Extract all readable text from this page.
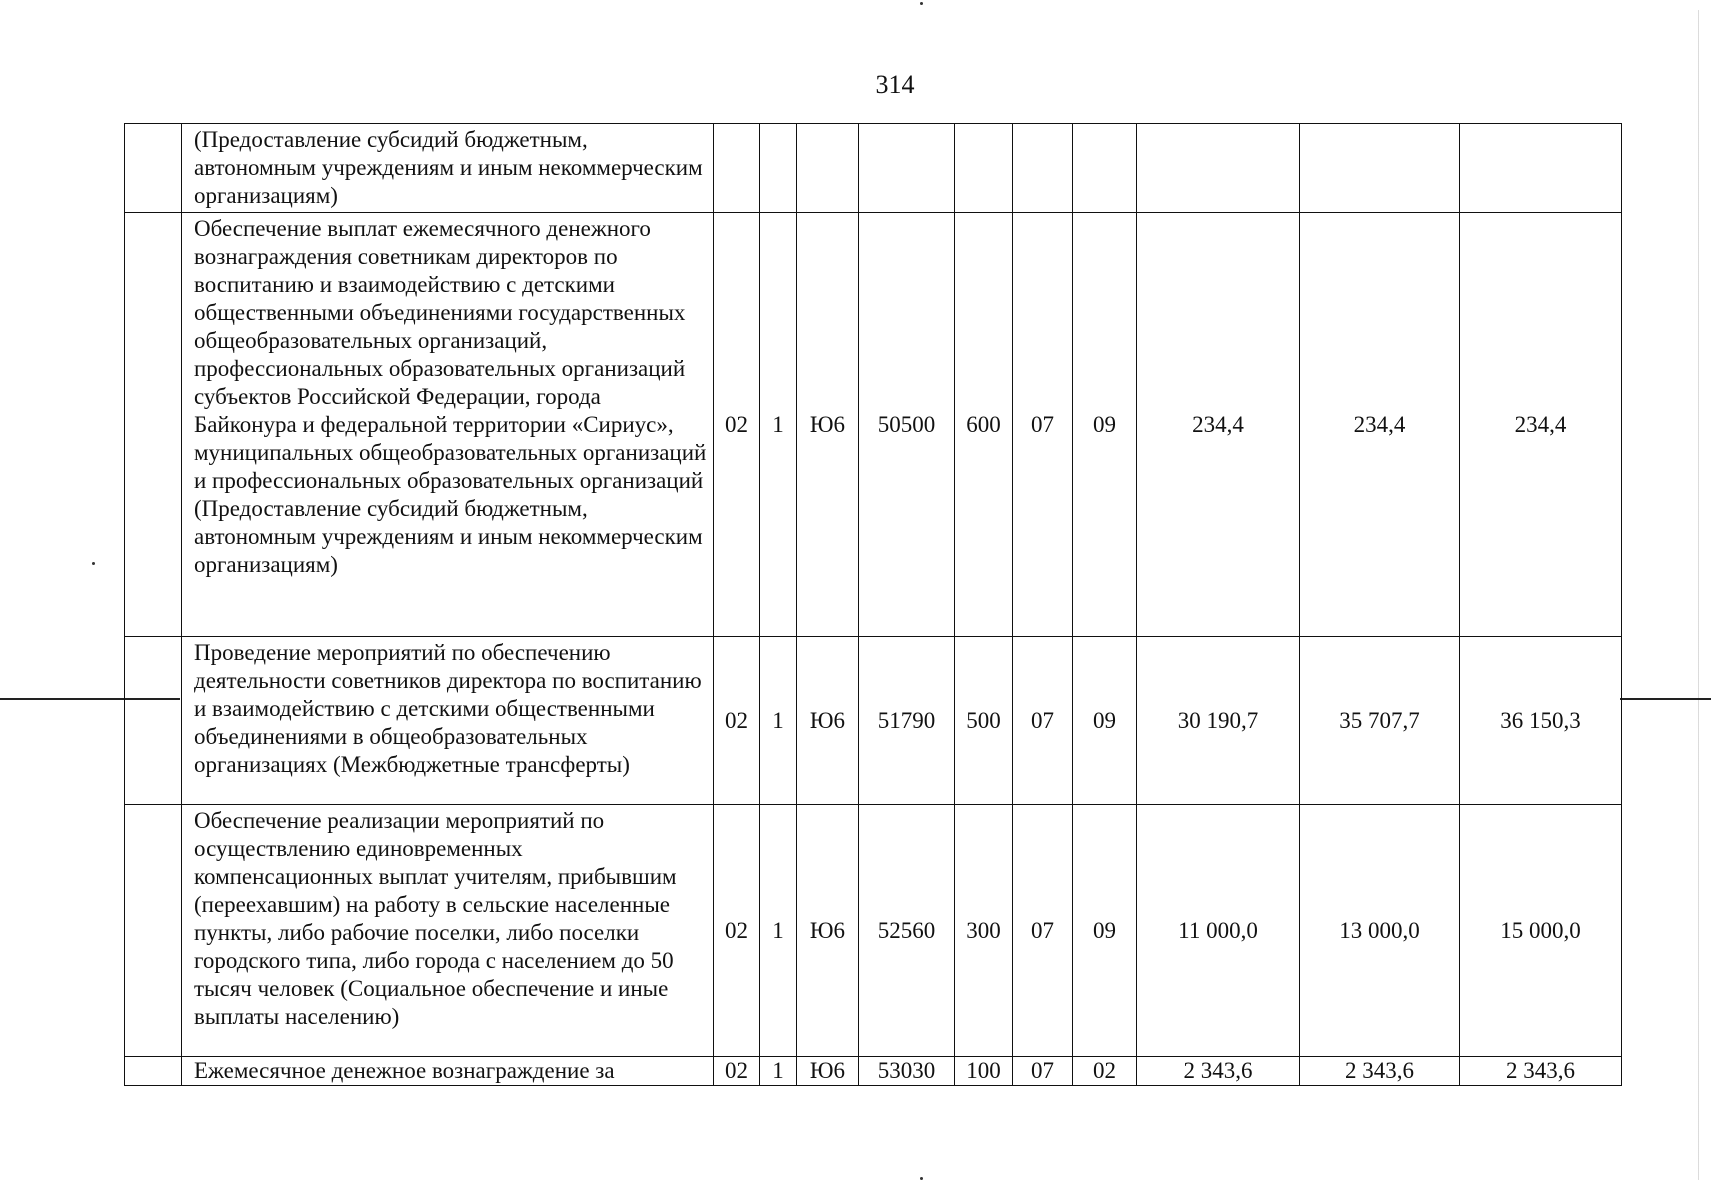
314
	(Предоставление субсидий бюджетным, автономным учреждениям и иным некоммерческим организациям)										
	Обеспечение выплат ежемесячного денежного вознаграждения советникам директоров по воспитанию и взаимодействию с детскими общественными объединениями государственных общеобразовательных организаций, профессиональных образовательных организаций субъектов Российской Федерации, города Байконура и федеральной территории «Сириус», муниципальных общеобразовательных организаций и профессиональных образовательных организаций (Предоставление субсидий бюджетным, автономным учреждениям и иным некоммерческим организациям)	02	1	Ю6	50500	600	07	09	234,4	234,4	234,4
	Проведение мероприятий по обеспечению деятельности советников директора по воспитанию и взаимодействию с детскими общественными объединениями в общеобразовательных организациях (Межбюджетные трансферты)	02	1	Ю6	51790	500	07	09	30 190,7	35 707,7	36 150,3
	Обеспечение реализации мероприятий по осуществлению единовременных компенсационных выплат учителям, прибывшим (переехавшим) на работу в сельские населенные пункты, либо рабочие поселки, либо поселки городского типа, либо города с населением до 50 тысяч человек (Социальное обеспечение и иные выплаты населению)	02	1	Ю6	52560	300	07	09	11 000,0	13 000,0	15 000,0
	Ежемесячное денежное вознаграждение за	02	1	Ю6	53030	100	07	02	2 343,6	2 343,6	2 343,6
